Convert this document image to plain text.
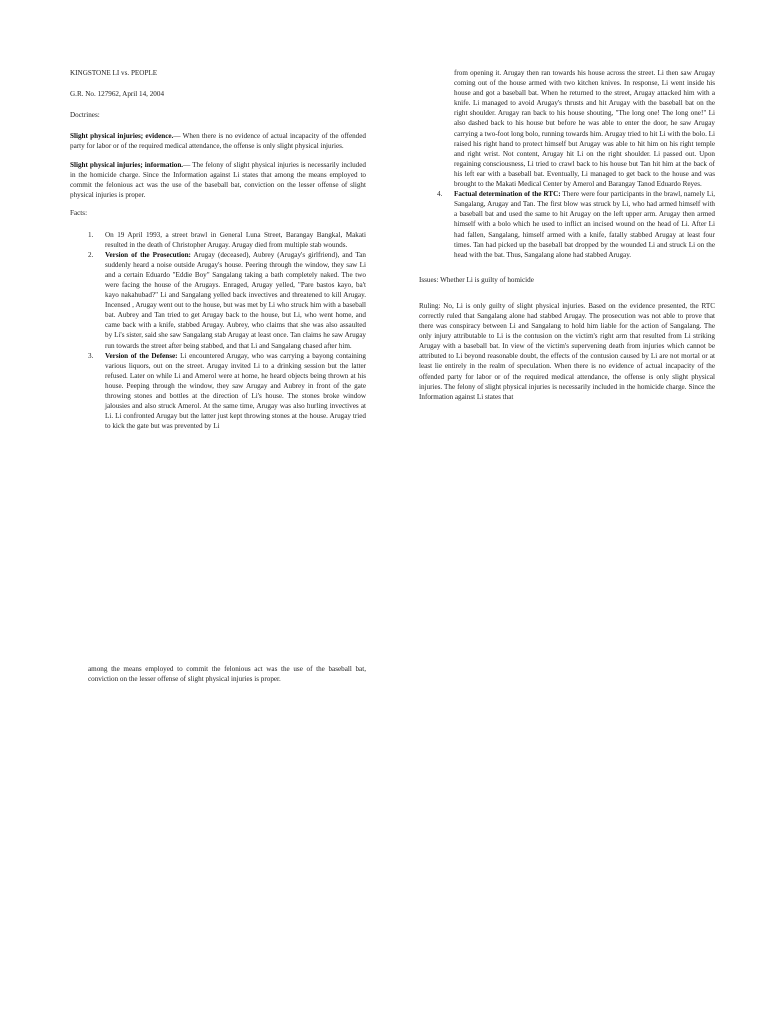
KINGSTONE LI vs. PEOPLE

G.R. No. 127962, April 14, 2004

Doctrines:

Slight physical injuries; evidence.— When there is no evidence of actual incapacity of the offended party for labor or of the required medical attendance, the offense is only slight physical injuries.

Slight physical injuries; information.— The felony of slight physical injuries is necessarily included in the homicide charge. Since the Information against Li states that among the means employed to commit the felonious act was the use of the baseball bat, conviction on the lesser offense of slight physical injuries is proper.

Facts:

1. On 19 April 1993, a street brawl in General Luna Street, Barangay Bangkal, Makati resulted in the death of Christopher Arugay. Arugay died from multiple stab wounds.
2. Version of the Prosecution: Arugay (deceased), Aubrey (Arugay's girlfriend), and Tan suddenly heard a noise outside Arugay's house. Peering through the window, they saw Li and a certain Eduardo "Eddie Boy" Sangalang taking a bath completely naked. The two were facing the house of the Arugays. Enraged, Arugay yelled, "Pare bastos kayo, ba't kayo nakahubad?" Li and Sangalang yelled back invectives and threatened to kill Arugay. Incensed , Arugay went out to the house, but was met by Li who struck him with a baseball bat. Aubrey and Tan tried to get Arugay back to the house, but Li, who went home, and came back with a knife, stabbed Arugay. Aubrey, who claims that she was also assaulted by Li's sister, said she saw Sangalang stab Arugay at least once. Tan claims he saw Arugay run towards the street after being stabbed, and that Li and Sangalang chased after him.
3. Version of the Defense: Li encountered Arugay, who was carrying a bayong containing various liquors, out on the street. Arugay invited Li to a drinking session but the latter refused. Later on while Li and Amerol were at home, he heard objects being thrown at his house. Peeping through the window, they saw Arugay and Aubrey in front of the gate throwing stones and bottles at the direction of Li's house. The stones broke window jalousies and also struck Amerol. At the same time, Arugay was also hurling invectives at Li. Li confronted Arugay but the latter just kept throwing stones at the house. Arugay tried to kick the gate but was prevented by Li
from opening it. Arugay then ran towards his house across the street. Li then saw Arugay coming out of the house armed with two kitchen knives. In response, Li went inside his house and got a baseball bat. When he returned to the street, Arugay attacked him with a knife. Li managed to avoid Arugay's thrusts and hit Arugay with the baseball bat on the right shoulder. Arugay ran back to his house shouting, "The long one! The long one!" Li also dashed back to his house but before he was able to enter the door, he saw Arugay carrying a two-foot long bolo, running towards him. Arugay tried to hit Li with the bolo. Li raised his right hand to protect himself but Arugay was able to hit him on his right temple and right wrist. Not content, Arugay hit Li on the right shoulder. Li passed out. Upon regaining consciousness, Li tried to crawl back to his house but Tan hit him at the back of his left ear with a baseball bat. Eventually, Li managed to get back to the house and was brought to the Makati Medical Center by Amerol and Barangay Tanod Eduardo Reyes.
4. Factual determination of the RTC: There were four participants in the brawl, namely Li, Sangalang, Arugay and Tan. The first blow was struck by Li, who had armed himself with a baseball bat and used the same to hit Arugay on the left upper arm. Arugay then armed himself with a bolo which he used to inflict an incised wound on the head of Li. After Li had fallen, Sangalang, himself armed with a knife, fatally stabbed Arugay at least four times. Tan had picked up the baseball bat dropped by the wounded Li and struck Li on the head with the bat. Thus, Sangalang alone had stabbed Arugay.

Issues: Whether Li is guilty of homicide

Ruling: No, Li is only guilty of slight physical injuries. Based on the evidence presented, the RTC correctly ruled that Sangalang alone had stabbed Arugay. The prosecution was not able to prove that there was conspiracy between Li and Sangalang to hold him liable for the action of Sangalang. The only injury attributable to Li is the contusion on the victim's right arm that resulted from Li striking Arugay with a baseball bat. In view of the victim's supervening death from injuries which cannot be attributed to Li beyond reasonable doubt, the effects of the contusion caused by Li are not mortal or at least lie entirely in the realm of speculation. When there is no evidence of actual incapacity of the offended party for labor or of the required medical attendance, the offense is only slight physical injuries. The felony of slight physical injuries is necessarily included in the homicide charge. Since the Information against Li states that

among the means employed to commit the felonious act was the use of the baseball bat, conviction on the lesser offense of slight physical injuries is proper.
